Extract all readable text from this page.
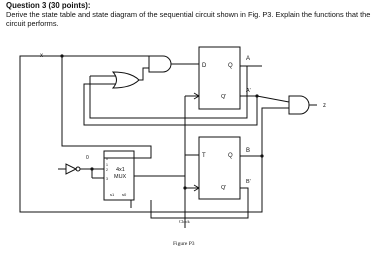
Question 3 (30 points):
Derive the state table and state diagram of the sequential circuit shown in Fig. P3. Explain the functions that the circuit performs.
x
z
D	Q
Q'
A
A'
T	Q
Q'
B
B'
4x1
MUX
0
1
2
3
s1 s0
0
Clock
Figure P3
